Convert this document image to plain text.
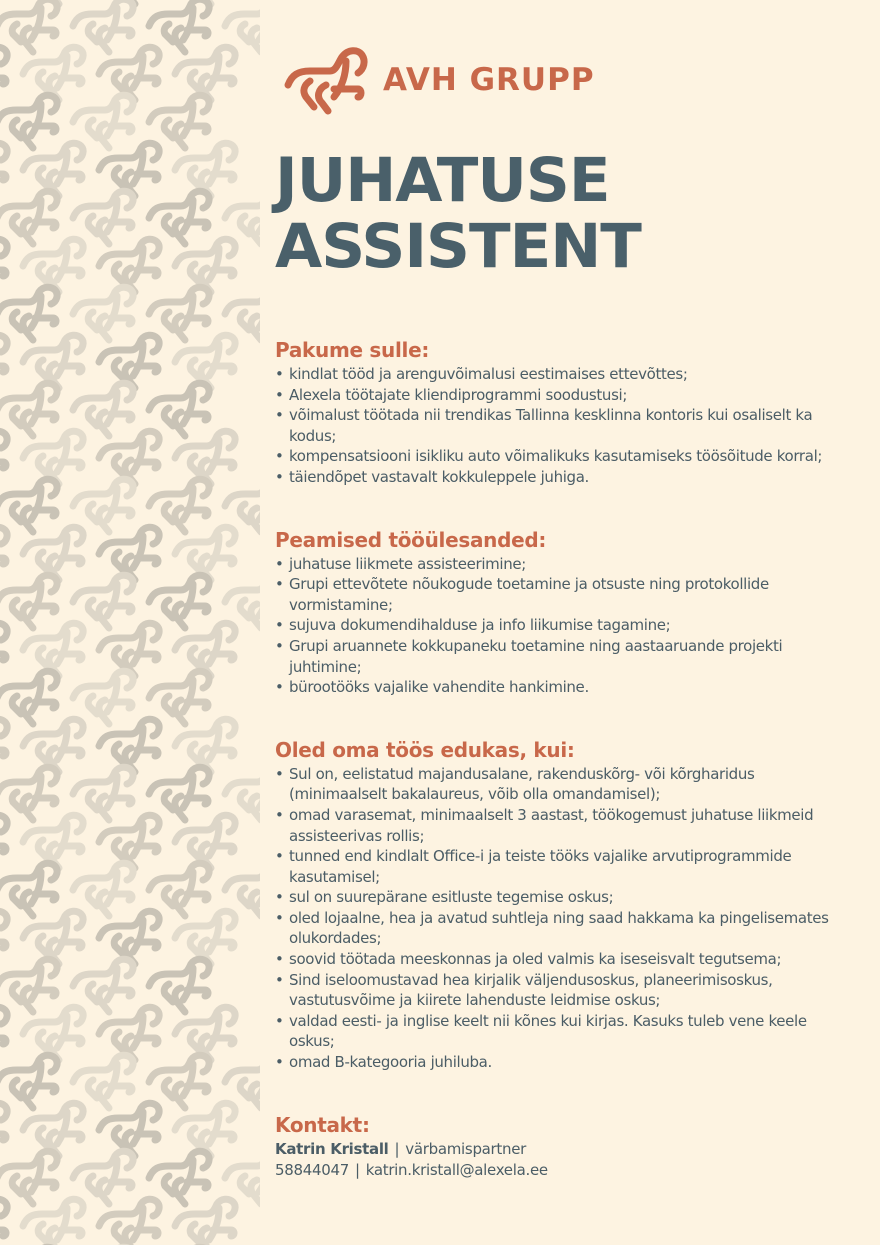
AVH GRUPP
JUHATUSE
ASSISTENT
Pakume sulle:
• kindlat tööd ja arenguvõimalusi eestimaises ettevõttes;
• Alexela töötajate kliendiprogrammi soodustusi;
• võimalust töötada nii trendikas Tallinna kesklinna kontoris kui osaliselt ka kodus;
• kompensatsiooni isikliku auto võimalikuks kasutamiseks töösõitude korral;
• täiendõpet vastavalt kokkuleppele juhiga.
Peamised tööülesanded:
• juhatuse liikmete assisteerimine;
• Grupi ettevõtete nõukogude toetamine ja otsuste ning protokollide vormistamine;
• sujuva dokumendihalduse ja info liikumise tagamine;
• Grupi aruannete kokkupaneku toetamine ning aastaaruande projekti juhtimine;
• bürootööks vajalike vahendite hankimine.
Oled oma töös edukas, kui:
• Sul on, eelistatud majandusalane, rakenduskõrg- või kõrgharidus (minimaalselt bakalaureus, võib olla omandamisel);
• omad varasemat, minimaalselt 3 aastast, töökogemust juhatuse liikmeid assisteerivas rollis;
• tunned end kindlalt Office-i ja teiste tööks vajalike arvutiprogrammide kasutamisel;
• sul on suurepärane esitluste tegemise oskus;
• oled lojaalne, hea ja avatud suhtleja ning saad hakkama ka pingelisemates olukordades;
• soovid töötada meeskonnas ja oled valmis ka iseseisvalt tegutsema;
• Sind iseloomustavad hea kirjalik väljendusoskus, planeerimisoskus, vastutusvõime ja kiirete lahenduste leidmise oskus;
• valdad eesti- ja inglise keelt nii kõnes kui kirjas. Kasuks tuleb vene keele oskus;
• omad B-kategooria juhiluba.
Kontakt:
Katrin Kristall | värbamispartner
58844047 | katrin.kristall@alexela.ee
